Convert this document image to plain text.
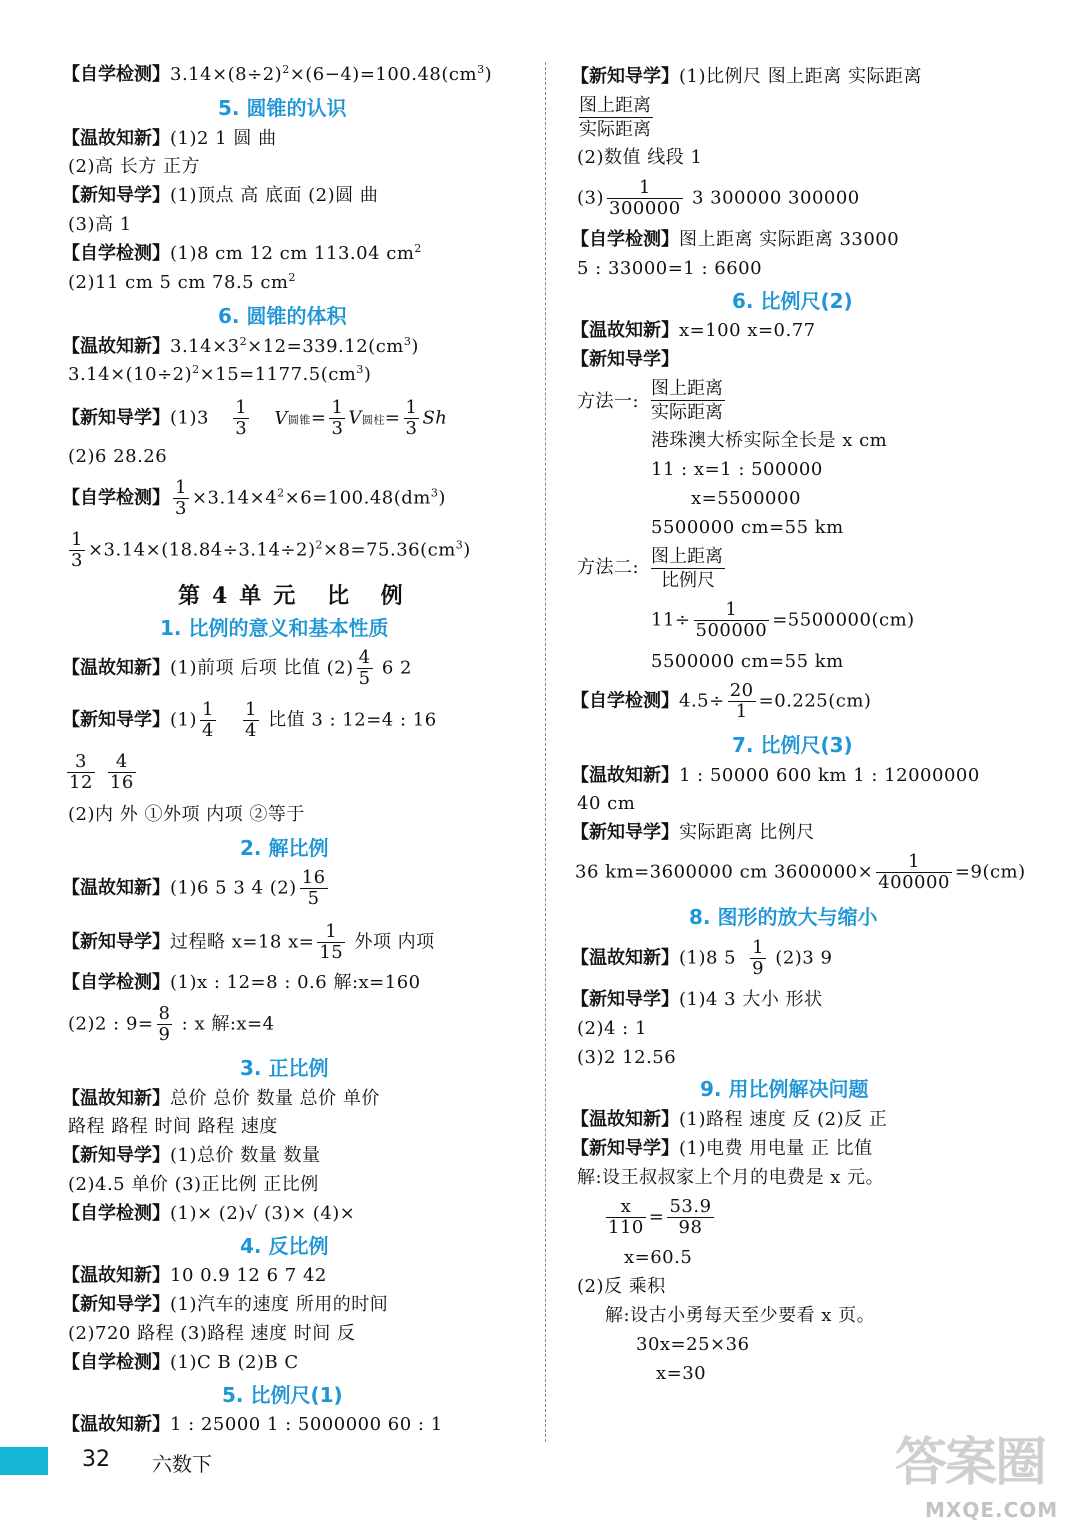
【自学检测】$3.14\times(8\div 2)^2\times(6-4)=100.48(cm^3)$
5. 圆锥的认识
【温故知新】(1)2 1 圆 曲
(2)高 长方 正方
【新知导学】(1)顶点 高 底面 (2)圆 曲
(3)高 1
【自学检测】(1)8 cm 12 cm 113.04 $cm^2$
(2)11 cm 5 cm 78.5 $cm^2$
6. 圆锥的体积
【温故知新】$3.14\times 3^2\times 12=339.12(cm^3)$
$3.14\times(10\div 2)^2\times 15=1177.5(cm^3)$
【新知导学】$(1)3 \frac{1}{3}$ V圆锥= $\frac{1}{3}$ V圆柱= $\frac{1}{3}$ Sh
(2)6 28.26
【自学检测】 $\frac{1}{3} \times 3.14\times 4^2\times 6=100.48(dm^3)$
$\frac{1}{3} \times 3.14\times(18.84\div 3.14\div 2)^2\times 8=75.36(cm^3)$
第4单元 比 例
1. 比例的意义和基本性质
【温故知新】(1)前项 后项 比值 $(2) \frac{4}{5} 6$ 2
【新知导学】$(1) \frac{1}{4} \frac{1}{4}$ 比值 3 : 12=4 : 16
$\frac{3}{12} \frac{4}{16}$
(2)内 外 ①外项 内项 ②等于
2. 解比例
【温故知新】(1)6 5 3 4 $(2) \frac{16}{5}$
【新知导学】过程略 x=18 $x= \frac{1}{15}$ 外项 内项
【自学检测】(1)x : 12=8 : 0.6 解:x=160
(2)2 : $9= \frac{8}{9}$ : x 解:x=4
3. 正比例
【温故知新】总价 总价 数量 总价 单价
路程 路程 时间 路程 速度
【新知导学】(1)总价 数量 数量
(2)4.5 单价 (3)正比例 正比例
【自学检测】(1)× (2)√ (3)× (4)×
4. 反比例
【温故知新】10 0.9 12 6 7 42
【新知导学】(1)汽车的速度 所用的时间
(2)720 路程 (3)路程 速度 时间 反
【自学检测】(1)C B (2)B C
5. 比例尺(1)
【温故知新】1 : 25000 1 : 5000000 60 : 1
【新知导学】(1)比例尺 图上距离 实际距离
图上距离
实际距离
(2)数值 线段 1
$(3) \frac{1}{300000} 3$ 300000 300000
【自学检测】图上距离 实际距离 33000
5 : 33000=1 : 6600
6. 比例尺(2)
【温故知新】x=100 x=0.77
【新知导学】
方法一:
图上距离
实际距离
港珠澳大桥实际全长是 x cm
11 : x=1 : 500000
x=5500000
5500000 cm=55 km
方法二:
图上距离
比例尺
$11\div \frac{1}{500000} =5500000(cm)$
5500000 cm=55 km
【自学检测】$4.5\div \frac{20}{1} =0.225(cm)$
7. 比例尺(3)
【温故知新】1 : 50000 600 km 1 : 12000000
40 cm
【新知导学】实际距离 比例尺
36 km=3600000 cm $3600000\times \frac{1}{400000} =9(cm)$
8. 图形的放大与缩小
【温故知新】(1)8 $5 \frac{1}{9} (2)3$ 9
【新知导学】(1)4 3 大小 形状
(2)4 : 1
(3)2 12.56
9. 用比例解决问题
【温故知新】(1)路程 速度 反 (2)反 正
【新知导学】(1)电费 用电量 正 比值
解:设王叔叔家上个月的电费是 x 元。
$\frac{x}{110} = \frac{53.9}{98}$
x=60.5
(2)反 乘积
解:设古小勇每天至少要看 x 页。
30x=25×36
x=30
32 六数下	答案圈
MXQE.COM
